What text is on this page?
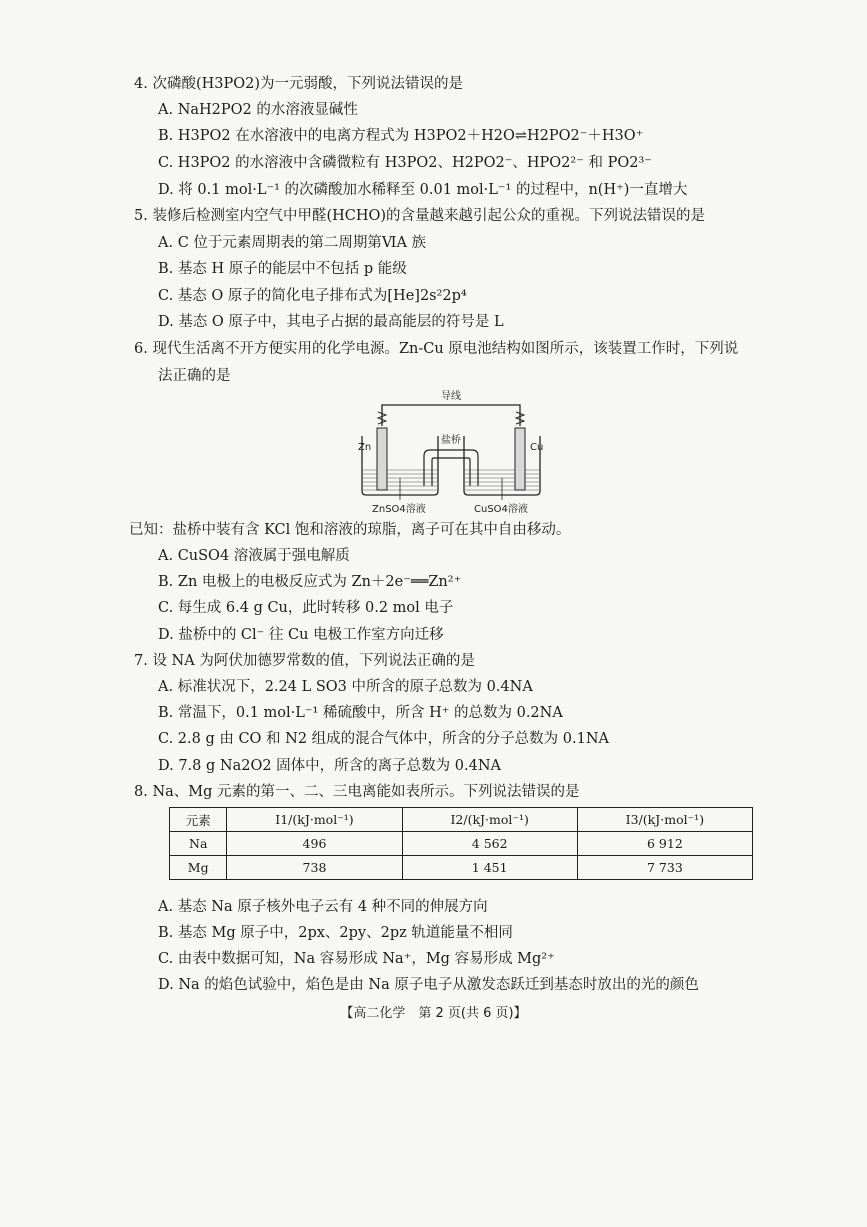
4. 次磷酸(H3PO2)为一元弱酸，下列说法错误的是
A. NaH2PO2 的水溶液显碱性
B. H3PO2 在水溶液中的电离方程式为 H3PO2＋H2O⇌H2PO2⁻＋H3O⁺
C. H3PO2 的水溶液中含磷微粒有 H3PO2、H2PO2⁻、HPO2²⁻ 和 PO2³⁻
D. 将 0.1 mol·L⁻¹ 的次磷酸加水稀释至 0.01 mol·L⁻¹ 的过程中，n(H⁺)一直增大
5. 装修后检测室内空气中甲醛(HCHO)的含量越来越引起公众的重视。下列说法错误的是
A. C 位于元素周期表的第二周期第ⅥA 族
B. 基态 H 原子的能层中不包括 p 能级
C. 基态 O 原子的简化电子排布式为[He]2s²2p⁴
D. 基态 O 原子中，其电子占据的最高能层的符号是 L
6. 现代生活离不开方便实用的化学电源。Zn-Cu 原电池结构如图所示，该装置工作时，下列说
法正确的是
导线
Zn	Cu
盐桥
ZnSO4溶液	CuSO4溶液
已知：盐桥中装有含 KCl 饱和溶液的琼脂，离子可在其中自由移动。
A. CuSO4 溶液属于强电解质
B. Zn 电极上的电极反应式为 Zn＋2e⁻══Zn²⁺
C. 每生成 6.4 g Cu，此时转移 0.2 mol 电子
D. 盐桥中的 Cl⁻ 往 Cu 电极工作室方向迁移
7. 设 NA 为阿伏加德罗常数的值，下列说法正确的是
A. 标准状况下，2.24 L SO3 中所含的原子总数为 0.4NA
B. 常温下，0.1 mol·L⁻¹ 稀硫酸中，所含 H⁺ 的总数为 0.2NA
C. 2.8 g 由 CO 和 N2 组成的混合气体中，所含的分子总数为 0.1NA
D. 7.8 g Na2O2 固体中，所含的离子总数为 0.4NA
8. Na、Mg 元素的第一、二、三电离能如表所示。下列说法错误的是
元素	I1/(kJ·mol⁻¹)	I2/(kJ·mol⁻¹)	I3/(kJ·mol⁻¹)
Na	496	4 562	6 912
Mg	738	1 451	7 733
A. 基态 Na 原子核外电子云有 4 种不同的伸展方向
B. 基态 Mg 原子中，2px、2py、2pz 轨道能量不相同
C. 由表中数据可知，Na 容易形成 Na⁺，Mg 容易形成 Mg²⁺
D. Na 的焰色试验中，焰色是由 Na 原子电子从激发态跃迁到基态时放出的光的颜色
【高二化学　第 2 页(共 6 页)】
